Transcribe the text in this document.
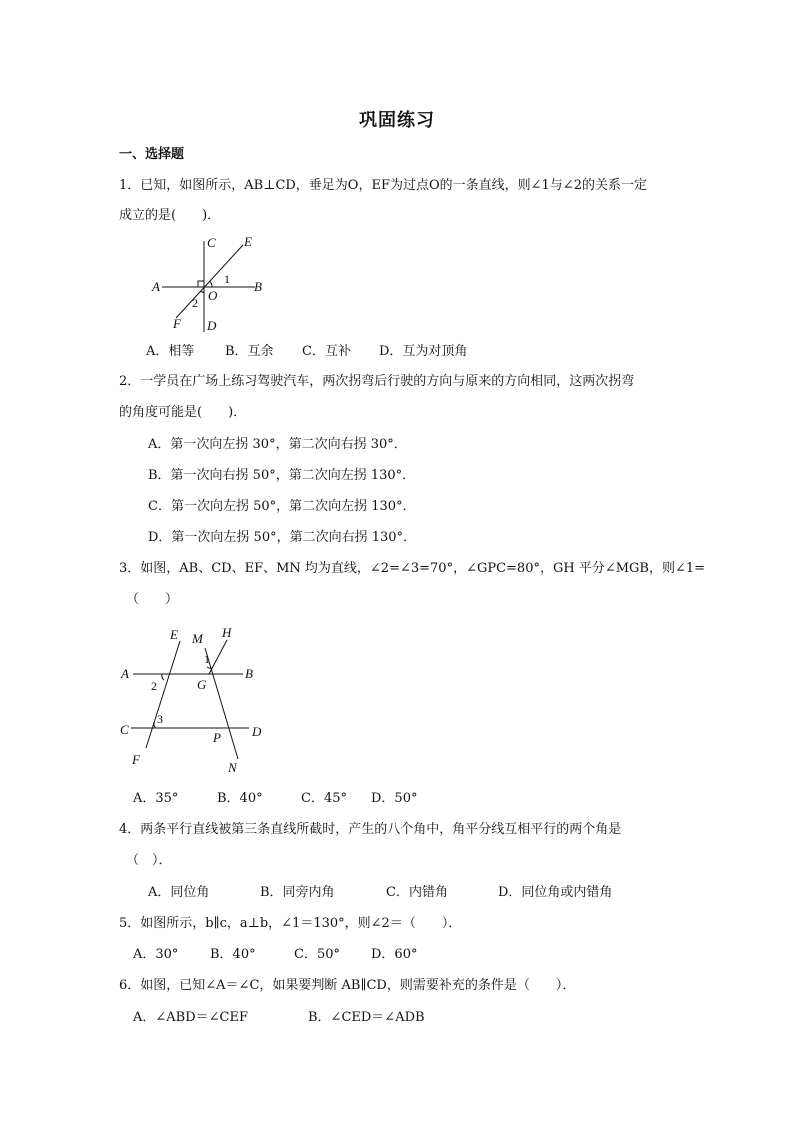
巩固练习
一、选择题
1．已知，如图所示，AB⊥CD，垂足为O，EF为过点O的一条直线，则∠1与∠2的关系一定
成立的是(　　)．
A	B
C
D
E
F
O
1
2
A．相等 B．互余 C．互补 D．互为对顶角
2．一学员在广场上练习驾驶汽车，两次拐弯后行驶的方向与原来的方向相同，这两次拐弯
的角度可能是(　　)．
A．第一次向左拐 30°，第二次向右拐 30°．
B．第一次向右拐 50°，第二次向左拐 130°．
C．第一次向左拐 50°，第二次向左拐 130°．
D．第一次向左拐 50°，第二次向右拐 130°．
3．如图，AB、CD、EF、MN 均为直线，∠2=∠3=70°，∠GPC=80°，GH 平分∠MGB，则∠1=
（　　）
A	B
C	D
E
F
M
N
H
G
P
1
2
3
A．35°	B．40°	C．45° D．50°
4．两条平行直线被第三条直线所截时，产生的八个角中，角平分线互相平行的两个角是
（　）．
A．同位角	B．同旁内角	C．内错角	D．同位角或内错角
5．如图所示，b∥c，a⊥b，∠1＝130°，则∠2＝（　　）．
A．30° B．40°	C．50° D．60°
6．如图，已知∠A＝∠C，如果要判断 AB∥CD，则需要补充的条件是（　　）．
A．∠ABD＝∠CEF	B．∠CED＝∠ADB
